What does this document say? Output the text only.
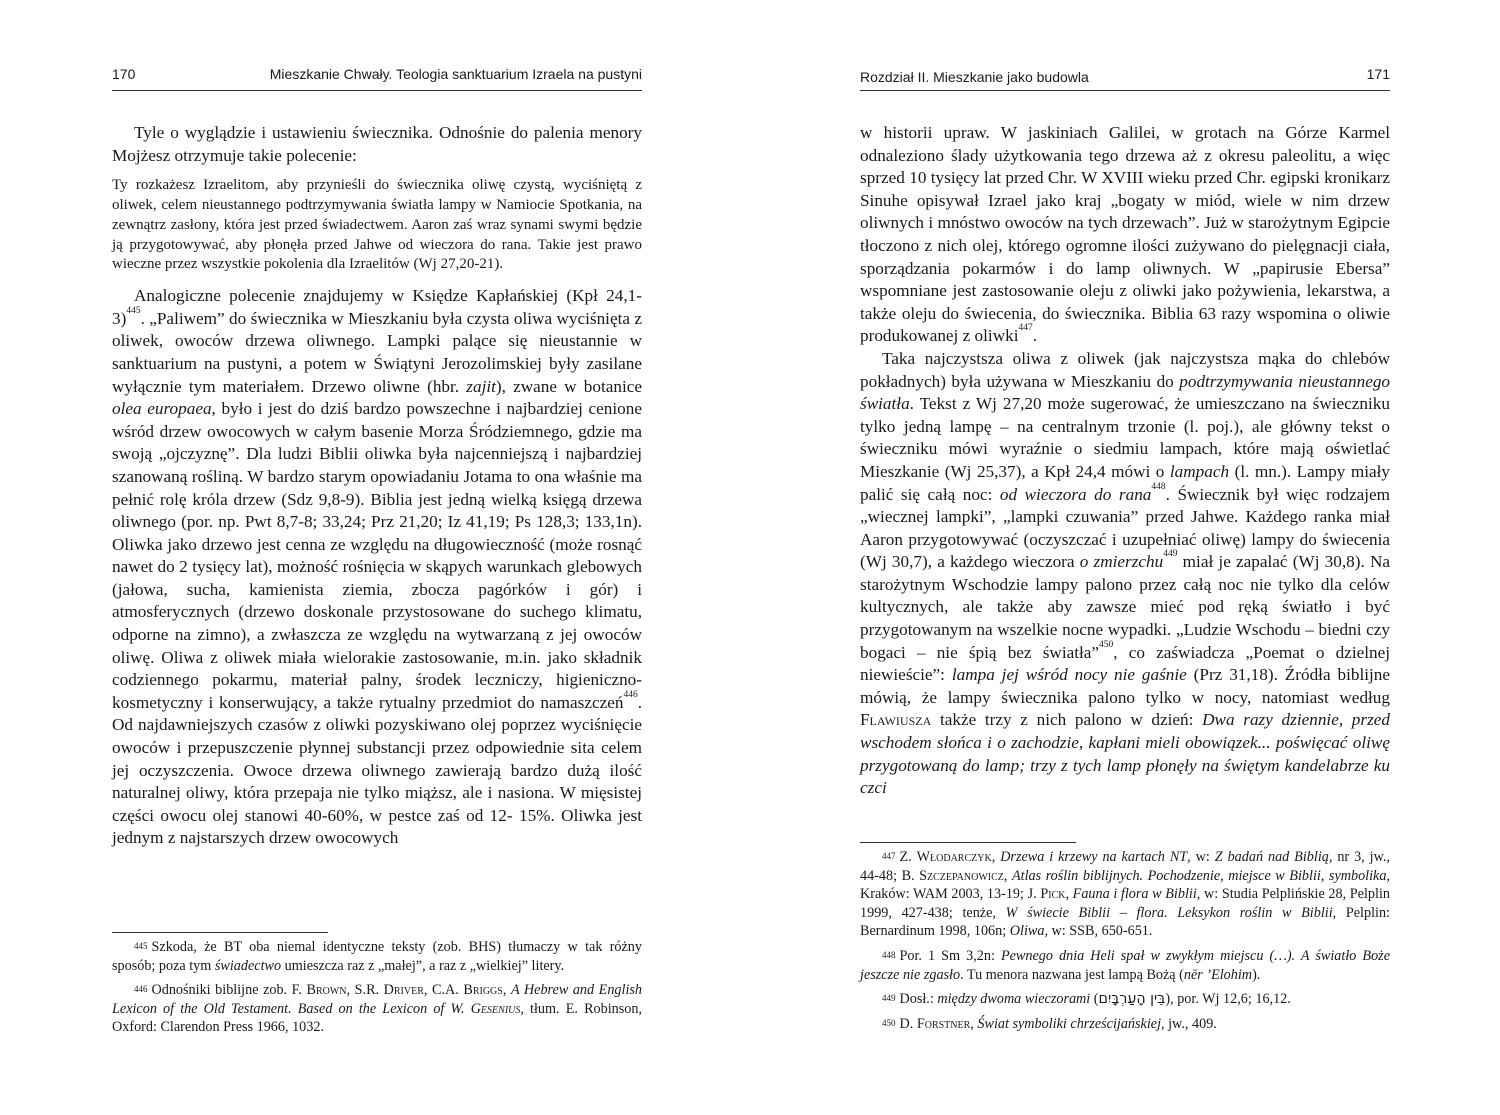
170	Mieszkanie Chwały. Teologia sanktuarium Izraela na pustyni

Tyle o wyglądzie i ustawieniu świecznika. Odnośnie do palenia menory Mojżesz otrzymuje takie polecenie:

Ty rozkażesz Izraelitom, aby przynieśli do świecznika oliwę czystą, wyciśniętą z oliwek, celem nieustannego podtrzymywania światła lampy w Namiocie Spotkania, na zewnątrz zasłony, która jest przed świadectwem. Aaron zaś wraz synami swymi będzie ją przygotowywać, aby płonęła przed Jahwe od wieczora do rana. Takie jest prawo wieczne przez wszystkie pokolenia dla Izraelitów (Wj 27,20-21).

Analogiczne polecenie znajdujemy w Księdze Kapłańskiej (Kpł 24,1-3)$^{445}$. „Paliwem” do świecznika w Mieszkaniu była czysta oliwa wyciśnięta z oliwek, owoców drzewa oliwnego. Lampki palące się nieustannie w sanktuarium na pustyni, a potem w Świątyni Jerozolimskiej były zasilane wyłącznie tym materiałem. Drzewo oliwne (hbr. zajit), zwane w botanice olea europaea, było i jest do dziś bardzo powszechne i najbardziej cenione wśród drzew owocowych w całym basenie Morza Śródziemnego, gdzie ma swoją „ojczyznę”. Dla ludzi Biblii oliwka była najcenniejszą i najbardziej szanowaną rośliną. W bardzo starym opowiadaniu Jotama to ona właśnie ma pełnić rolę króla drzew (Sdz 9,8-9). Biblia jest jedną wielką księgą drzewa oliwnego (por. np. Pwt 8,7-8; 33,24; Prz 21,20; Iz 41,19; Ps 128,3; 133,1n). Oliwka jako drzewo jest cenna ze względu na długowieczność (może rosnąć nawet do 2 tysięcy lat), możność rośnięcia w skąpych warunkach glebowych (jałowa, sucha, kamienista ziemia, zbocza pagórków i gór) i atmosferycznych (drzewo doskonale przystosowane do suchego klimatu, odporne na zimno), a zwłaszcza ze względu na wytwarzaną z jej owoców oliwę. Oliwa z oliwek miała wielorakie zastosowanie, m.in. jako składnik codziennego pokarmu, materiał palny, środek leczniczy, higieniczno-kosmetyczny i konserwujący, a także rytualny przedmiot do namaszczeń$^{446}$. Od najdawniejszych czasów z oliwki pozyskiwano olej poprzez wyciśnięcie owoców i przepuszczenie płynnej substancji przez odpowiednie sita celem jej oczyszczenia. Owoce drzewa oliwnego zawierają bardzo dużą ilość naturalnej oliwy, która przepaja nie tylko miąższ, ale i nasiona. W mięsistej części owocu olej stanowi 40-60%, w pestce zaś od 12- 15%. Oliwka jest jednym z najstarszych drzew owocowych

$^{445}$ Szkoda, że BT oba niemal identyczne teksty (zob. BHS) tłumaczy w tak różny sposób; poza tym świadectwo umieszcza raz z „małej”, a raz z „wielkiej” litery.

$^{446}$ Odnośniki biblijne zob. F. Brown, S.R. Driver, C.A. Briggs, A Hebrew and English Lexicon of the Old Testament. Based on the Lexicon of W. Gesenius, tłum. E. Robinson, Oxford: Clarendon Press 1966, 1032.

Rozdział II. Mieszkanie jako budowla	171

w historii upraw. W jaskiniach Galilei, w grotach na Górze Karmel odnaleziono ślady użytkowania tego drzewa aż z okresu paleolitu, a więc sprzed 10 tysięcy lat przed Chr. W XVIII wieku przed Chr. egipski kronikarz Sinuhe opisywał Izrael jako kraj „bogaty w miód, wiele w nim drzew oliwnych i mnóstwo owoców na tych drzewach”. Już w starożytnym Egipcie tłoczono z nich olej, którego ogromne ilości zużywano do pielęgnacji ciała, sporządzania pokarmów i do lamp oliwnych. W „papirusie Ebersa” wspomniane jest zastosowanie oleju z oliwki jako pożywienia, lekarstwa, a także oleju do świecenia, do świecznika. Biblia 63 razy wspomina o oliwie produkowanej z oliwki$^{447}$.

Taka najczystsza oliwa z oliwek (jak najczystsza mąka do chlebów pokładnych) była używana w Mieszkaniu do podtrzymywania nieustannego światła. Tekst z Wj 27,20 może sugerować, że umieszczano na świeczniku tylko jedną lampę – na centralnym trzonie (l. poj.), ale główny tekst o świeczniku mówi wyraźnie o siedmiu lampach, które mają oświetlać Mieszkanie (Wj 25,37), a Kpł 24,4 mówi o lampach (l. mn.). Lampy miały palić się całą noc: od wieczora do rana$^{448}$. Świecznik był więc rodzajem „wiecznej lampki”, „lampki czuwania” przed Jahwe. Każdego ranka miał Aaron przygotowywać (oczyszczać i uzupełniać oliwę) lampy do świecenia (Wj 30,7), a każdego wieczora o zmierzchu$^{449}$ miał je zapalać (Wj 30,8). Na starożytnym Wschodzie lampy palono przez całą noc nie tylko dla celów kultycznych, ale także aby zawsze mieć pod ręką światło i być przygotowanym na wszelkie nocne wypadki. „Ludzie Wschodu – biedni czy bogaci – nie śpią bez światła”$^{450}$, co zaświadcza „Poemat o dzielnej niewieście”: lampa jej wśród nocy nie gaśnie (Prz 31,18). Źródła biblijne mówią, że lampy świecznika palono tylko w nocy, natomiast według Flawiusza także trzy z nich palono w dzień: Dwa razy dziennie, przed wschodem słońca i o zachodzie, kapłani mieli obowiązek... poświęcać oliwę przygotowaną do lamp; trzy z tych lamp płonęły na świętym kandelabrze ku czci

$^{447}$ Z. Włodarczyk, Drzewa i krzewy na kartach NT, w: Z badań nad Biblią, nr 3, jw., 44-48; B. Szczepanowicz, Atlas roślin biblijnych. Pochodzenie, miejsce w Biblii, symbolika, Kraków: WAM 2003, 13-19; J. Pick, Fauna i flora w Biblii, w: Studia Pelplińskie 28, Pelplin 1999, 427-438; tenże, W świecie Biblii – flora. Leksykon roślin w Biblii, Pelplin: Bernardinum 1998, 106n; Oliwa, w: SSB, 650-651.

$^{448}$ Por. 1 Sm 3,2n: Pewnego dnia Heli spał w zwykłym miejscu (…). A światło Boże jeszcze nie zgasło. Tu menora nazwana jest lampą Bożą (nēr ’Elohim).

$^{449}$ Dosł.: między dwoma wieczorami (בֵּין הָעַרְבָּיִם), por. Wj 12,6; 16,12.

$^{450}$ D. Forstner, Świat symboliki chrześcijańskiej, jw., 409.
